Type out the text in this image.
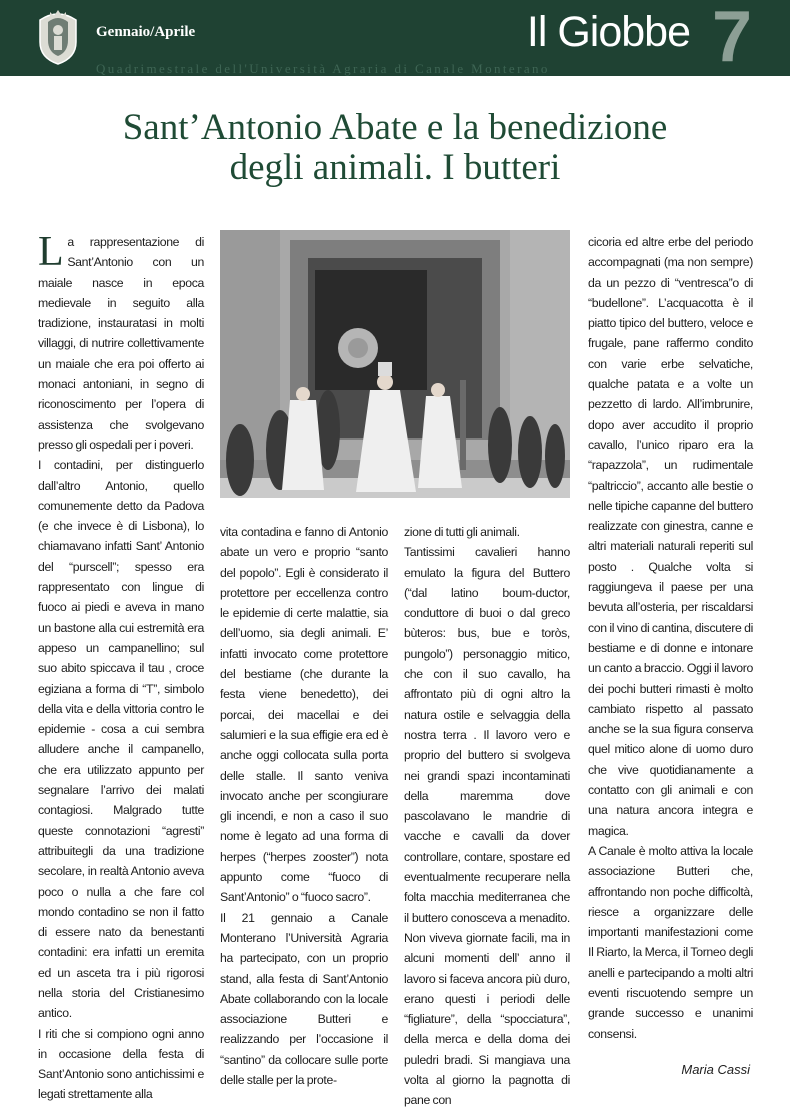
Gennaio/Aprile	Il Giobbe 7
Quadrimestrale dell'Università Agraria di Canale Monterano
Sant’Antonio Abate e la benedizione
degli animali. I butteri

La rappresentazione di Sant’Antonio con un maiale nasce in epoca medievale in seguito alla tradizione, instauratasi in molti villaggi, di nutrire collettivamente un maiale che era poi offerto ai monaci antoniani, in segno di riconoscimento per l’opera di assistenza che svolgevano presso gli ospedali per i poveri.

I contadini, per distinguerlo dall’altro Antonio, quello comunemente detto da Padova (e che invece è di Lisbona), lo chiamavano infatti Sant’ Antonio del “purscell”; spesso era rappresentato con lingue di fuoco ai piedi e aveva in mano un bastone alla cui estremità era appeso un campanellino; sul suo abito spiccava il tau , croce egiziana a forma di “T”, simbolo della vita e della vittoria contro le epidemie - cosa a cui sembra alludere anche il campanello, che era utilizzato appunto per segnalare l’arrivo dei malati contagiosi. Malgrado tutte queste connotazioni “agresti” attribuitegli da una tradizione secolare, in realtà Antonio aveva poco o nulla a che fare col mondo contadino se non il fatto di essere nato da benestanti contadini: era infatti un eremita ed un asceta tra i più rigorosi nella storia del Cristianesimo antico.

I riti che si compiono ogni anno in occasione della festa di Sant’Antonio sono antichissimi e legati strettamente alla

vita contadina e fanno di Antonio abate un vero e proprio “santo del popolo”. Egli è considerato il protettore per eccellenza contro le epidemie di certe malattie, sia dell’uomo, sia degli animali. E’ infatti invocato come protettore del bestiame (che durante la festa viene benedetto), dei porcai, dei macellai e dei salumieri e la sua effigie era ed è anche oggi collocata sulla porta delle stalle. Il santo veniva invocato anche per scongiurare gli incendi, e non a caso il suo nome è legato ad una forma di herpes (“herpes zooster”) nota appunto come “fuoco di Sant’Antonio” o “fuoco sacro”.

Il 21 gennaio a Canale Monterano l’Università Agraria ha partecipato, con un proprio stand, alla festa di Sant’Antonio Abate collaborando con la locale associazione Butteri e realizzando per l’occasione il “santino” da collocare sulle porte delle stalle per la prote-

zione di tutti gli animali.

Tantissimi cavalieri hanno emulato la figura del Buttero (“dal latino boum-ductor, conduttore di buoi o dal greco bùteros: bus, bue e toròs, pungolo”) personaggio mitico, che con il suo cavallo, ha affrontato più di ogni altro la natura ostile e selvaggia della nostra terra . Il lavoro vero e proprio del buttero si svolgeva nei grandi spazi incontaminati della maremma dove pascolavano le mandrie di vacche e cavalli da dover controllare, contare, spostare ed eventualmente recuperare nella folta macchia mediterranea che il buttero conosceva a menadito. Non viveva giornate facili, ma in alcuni momenti dell’ anno il lavoro si faceva ancora più duro, erano questi i periodi delle “figliature”, della “spocciatura”, della merca e della doma dei puledri bradi. Si mangiava una volta al giorno la pagnotta di pane con

cicoria ed altre erbe del periodo accompagnati (ma non sempre) da un pezzo di “ventresca”o di “budellone”. L’acquacotta è il piatto tipico del buttero, veloce e frugale, pane raffermo condito con varie erbe selvatiche, qualche patata e a volte un pezzetto di lardo. All’imbrunire, dopo aver accudito il proprio cavallo, l’unico riparo era la “rapazzola”, un rudimentale “paltriccio”, accanto alle bestie o nelle tipiche capanne del buttero realizzate con ginestra, canne e altri materiali naturali reperiti sul posto . Qualche volta si raggiungeva il paese per una bevuta all’osteria, per riscaldarsi con il vino di cantina, discutere di bestiame e di donne e intonare un canto a braccio. Oggi il lavoro dei pochi butteri rimasti è molto cambiato rispetto al passato anche se la sua figura conserva quel mitico alone di uomo duro che vive quotidianamente a contatto con gli animali e con una natura ancora integra e magica.

A Canale è molto attiva la locale associazione Butteri che, affrontando non poche difficoltà, riesce a organizzare delle importanti manifestazioni come Il Riarto, la Merca, il Torneo degli anelli e partecipando a molti altri eventi riscuotendo sempre un grande successo e unanimi consensi.

Maria Cassi
